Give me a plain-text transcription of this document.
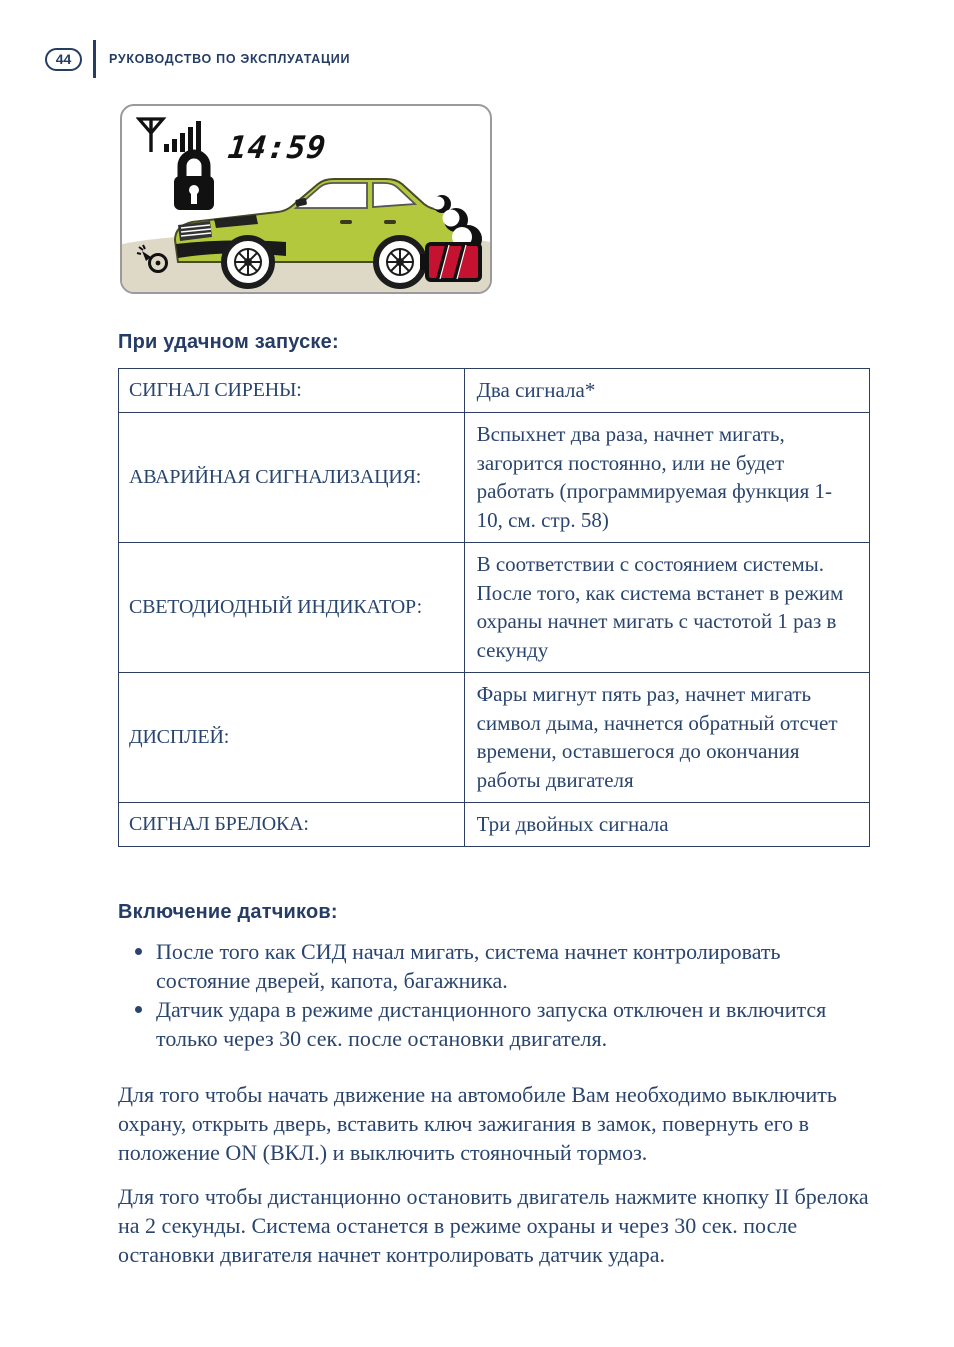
44	РУКОВОДСТВО ПО ЭКСПЛУАТАЦИИ
14:59
При удачном запуске:
СИГНАЛ СИРЕНЫ:	Два сигнала*
АВАРИЙНАЯ СИГНАЛИЗАЦИЯ:	Вспыхнет два раза, начнет мигать, загорится постоянно, или не будет работать (программируемая функция 1-10, см. стр. 58)
СВЕТОДИОДНЫЙ ИНДИКАТОР:	В соответствии с состоянием системы. После того, как система встанет в режим охраны начнет мигать с частотой 1 раз в секунду
ДИСПЛЕЙ:	Фары мигнут пять раз, начнет мигать символ дыма, начнется обратный отсчет времени, оставшегося до окончания работы двигателя
СИГНАЛ БРЕЛОКА:	Три двойных сигнала
Включение датчиков:
После того как СИД начал мигать, система начнет контролировать состояние дверей, капота, багажника.
Датчик удара в режиме дистанционного запуска отключен и включится только через 30 сек. после остановки двигателя.

Для того чтобы начать движение на автомобиле Вам необходимо выключить охрану, открыть дверь, вставить ключ зажигания в замок, повернуть его в положение ON (ВКЛ.) и выключить стояночный тормоз.

Для того чтобы дистанционно остановить двигатель нажмите кнопку II брелока на 2 секунды. Система останется в режиме охраны и через 30 сек. после остановки двигателя начнет контролировать датчик удара.
